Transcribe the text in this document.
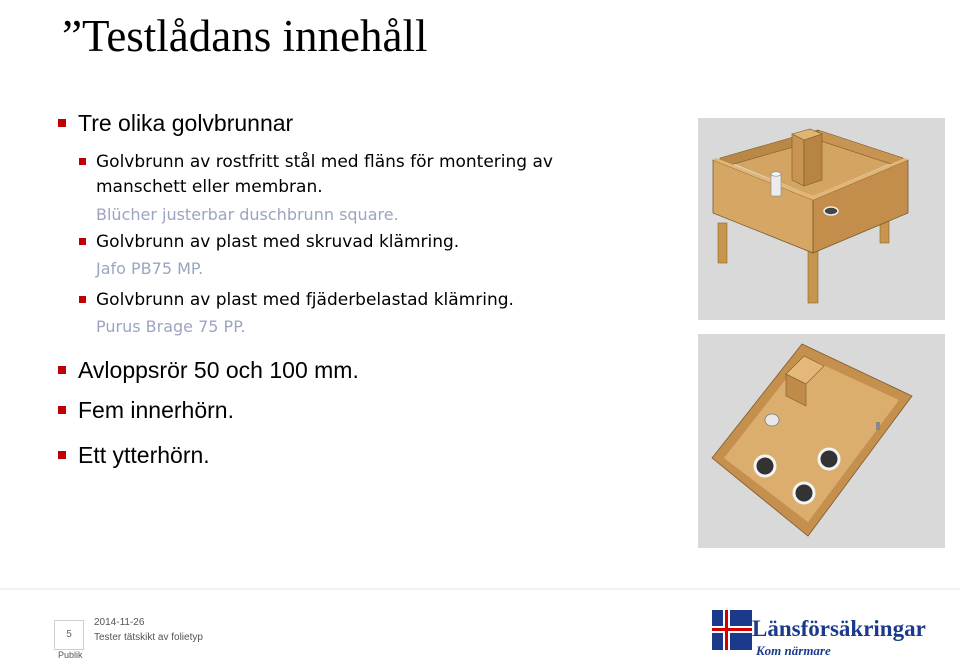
”Testlådans innehåll
Tre olika golvbrunnar
Golvbrunn av rostfritt stål med fläns för montering av
manschett eller membran.
Blücher justerbar duschbrunn square.
Golvbrunn av plast med skruvad klämring.
Jafo PB75 MP.
Golvbrunn av plast med fjäderbelastad klämring.
Purus Brage 75 PP.
Avloppsrör 50 och 100 mm.
Fem innerhörn.
Ett ytterhörn.
5
2014-11-26
Tester tätskikt av folietyp
Publik
Länsförsäkringar
Kom närmare
